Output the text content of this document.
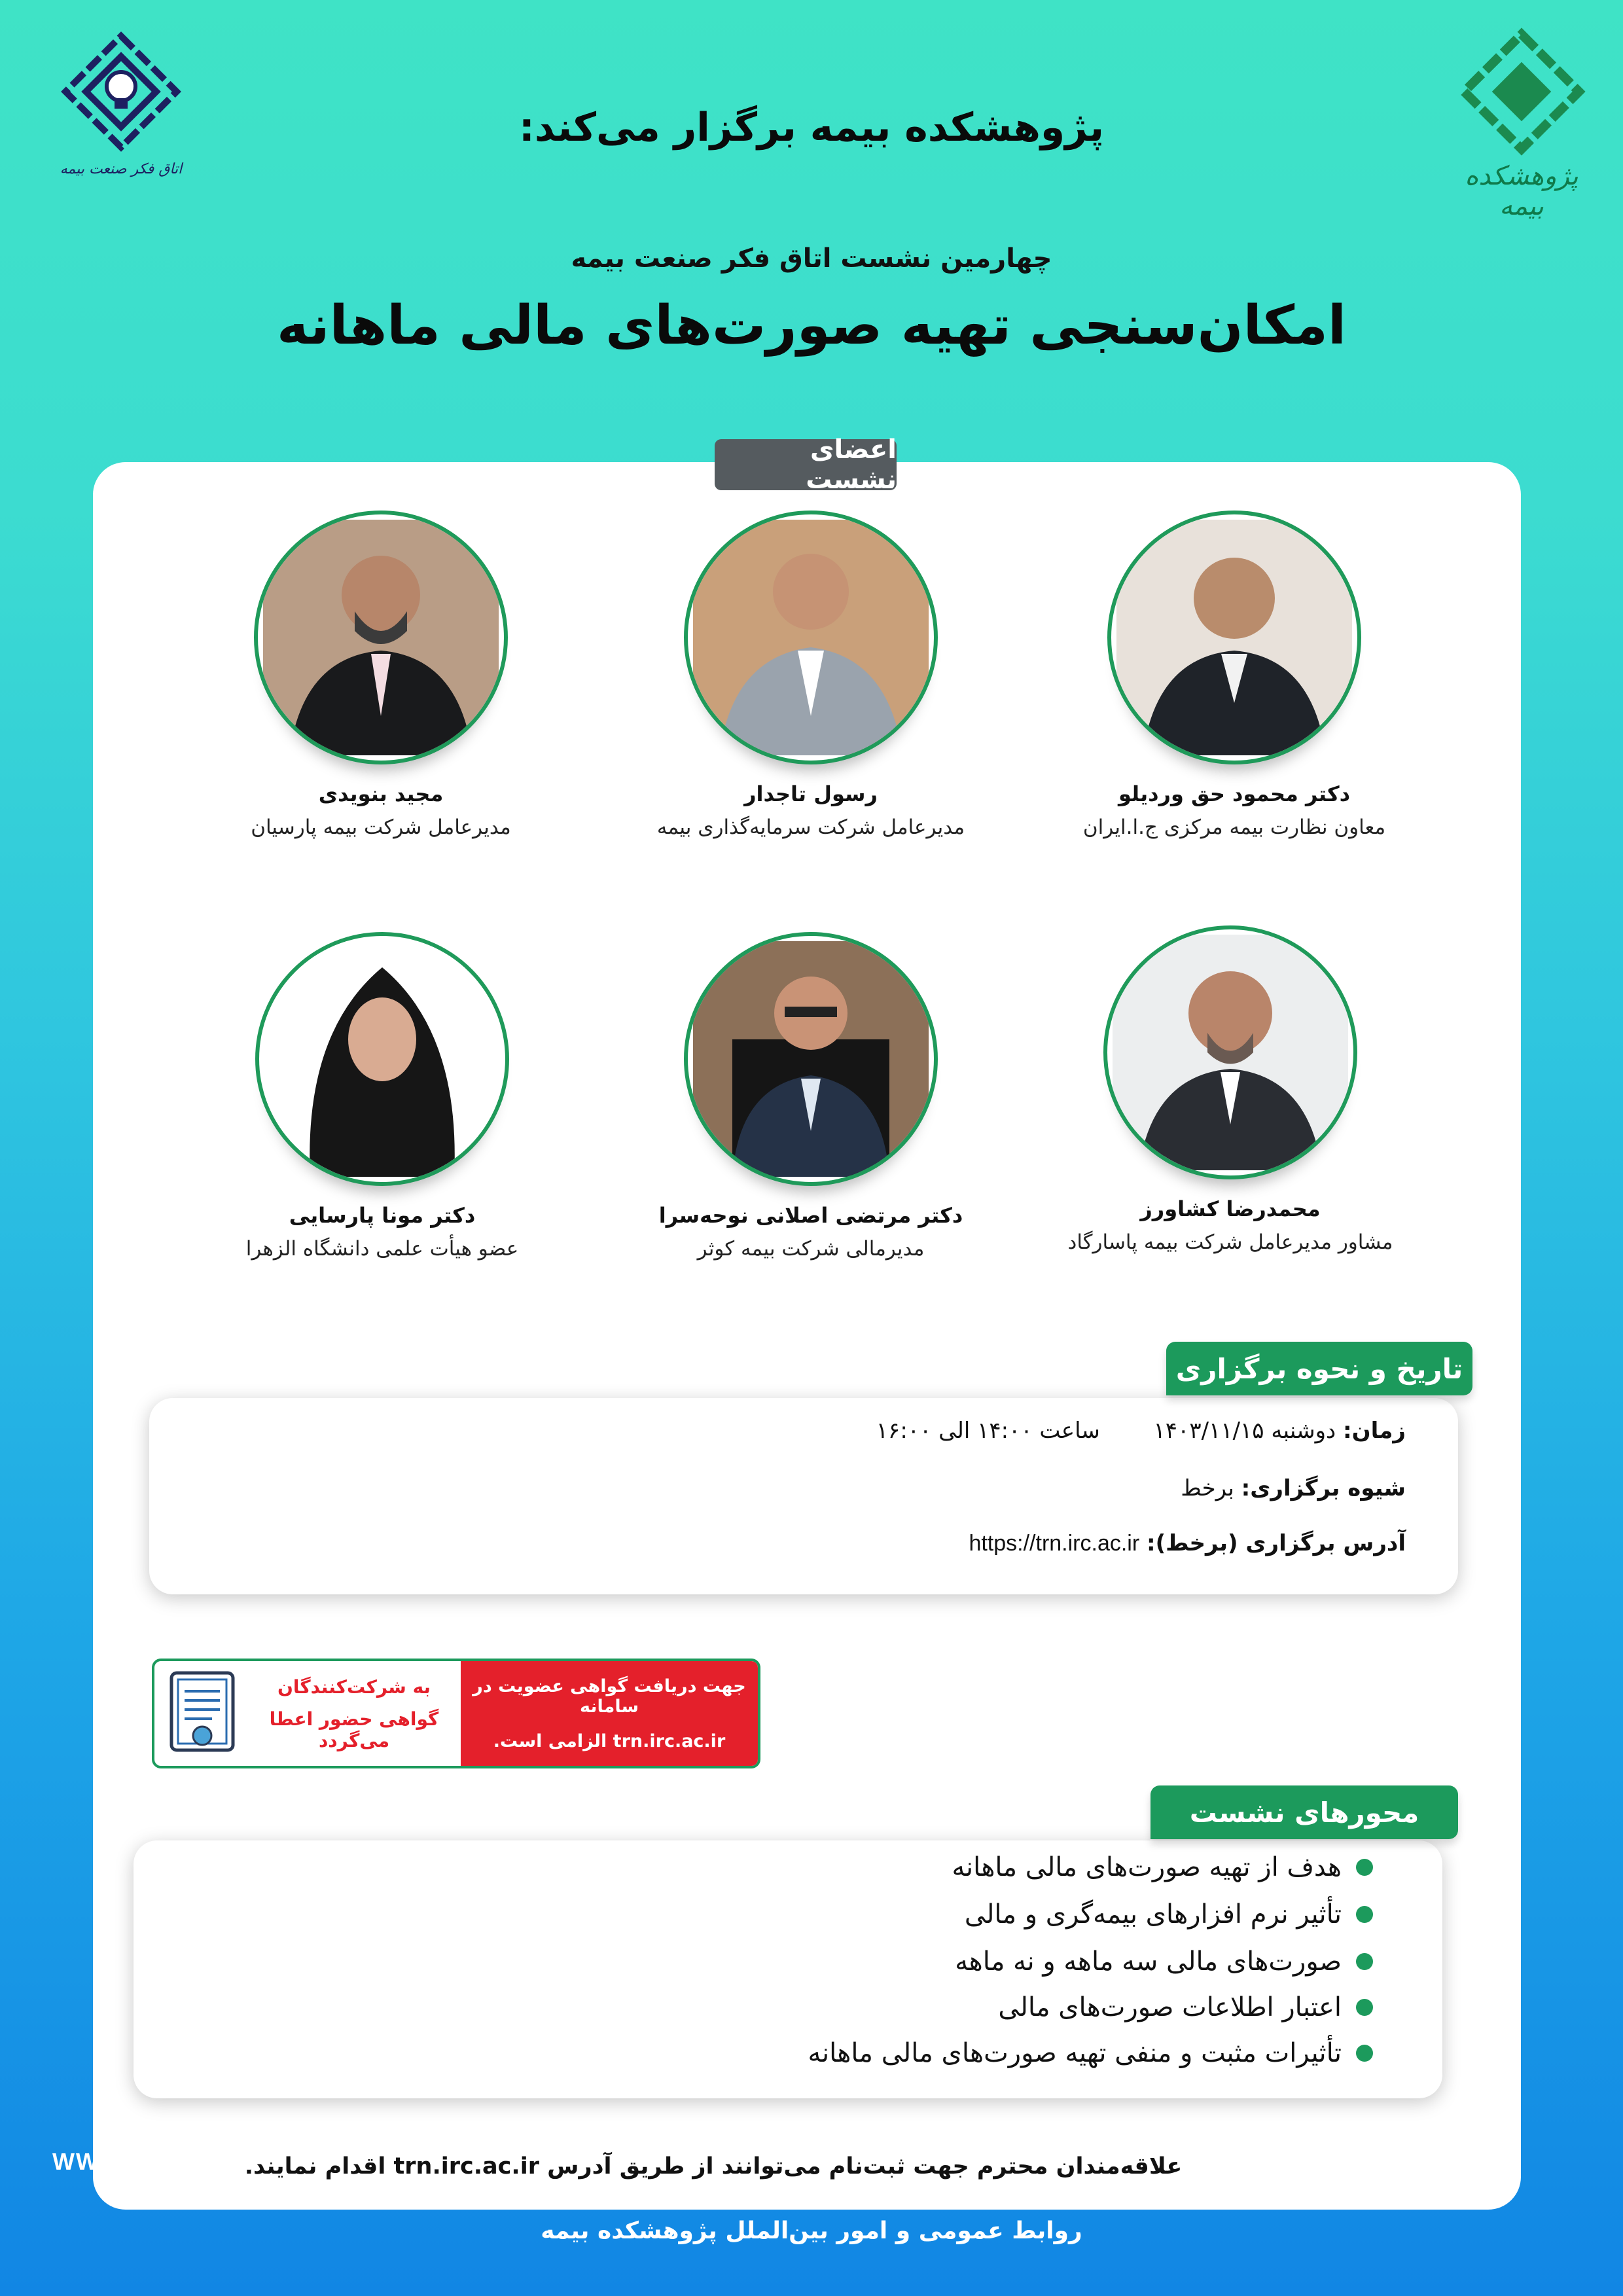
اتاق فکر صنعت بیمه	پژوهشکده بیمه
پژوهشکده بیمه برگزار می‌کند:
چهارمین نشست اتاق فکر صنعت بیمه
امکان‌سنجی تهیه صورت‌های مالی ماهانه
اعضای نشست
دکتر محمود حق وردیلو
معاون نظارت بیمه مرکزی ج.ا.ایران
رسول تاجدار
مدیرعامل شرکت سرمایه‌گذاری بیمه
مجید بنویدی
مدیرعامل شرکت بیمه پارسیان
محمدرضا کشاورز
مشاور مدیرعامل شرکت بیمه پاسارگاد
دکتر مرتضی اصلانی نوحه‌سرا
مدیرمالی شرکت بیمه کوثر
دکتر مونا پارسایی
عضو هیأت علمی دانشگاه الزهرا
زمان: دوشنبه ۱۴۰۳/۱۱/۱۵  ساعت ۱۴:۰۰ الی ۱۶:۰۰
شیوه برگزاری: برخط
آدرس برگزاری (برخط): https://trn.irc.ac.ir
تاریخ و نحوه برگزاری
جهت دریافت گواهی عضویت در سامانه
trn.irc.ac.ir الزامی است.
به شرکت‌کنندگان
گواهی حضور اعطا می‌گردد
محورهای نشست
هدف از تهیه صورت‌های مالی ماهانه
تأثیر نرم افزارهای بیمه‌گری و مالی
صورت‌های مالی سه ماهه و نه ماهه
اعتبار اطلاعات صورت‌های مالی
تأثیرات مثبت و منفی تهیه صورت‌های مالی ماهانه
علاقه‌مندان محترم جهت ثبت‌نام می‌توانند از طریق آدرس trn.irc.ac.ir اقدام نمایند.
WWW.IRC.AC.IR
روابط عمومی و امور بین‌الملل پژوهشکده بیمه
